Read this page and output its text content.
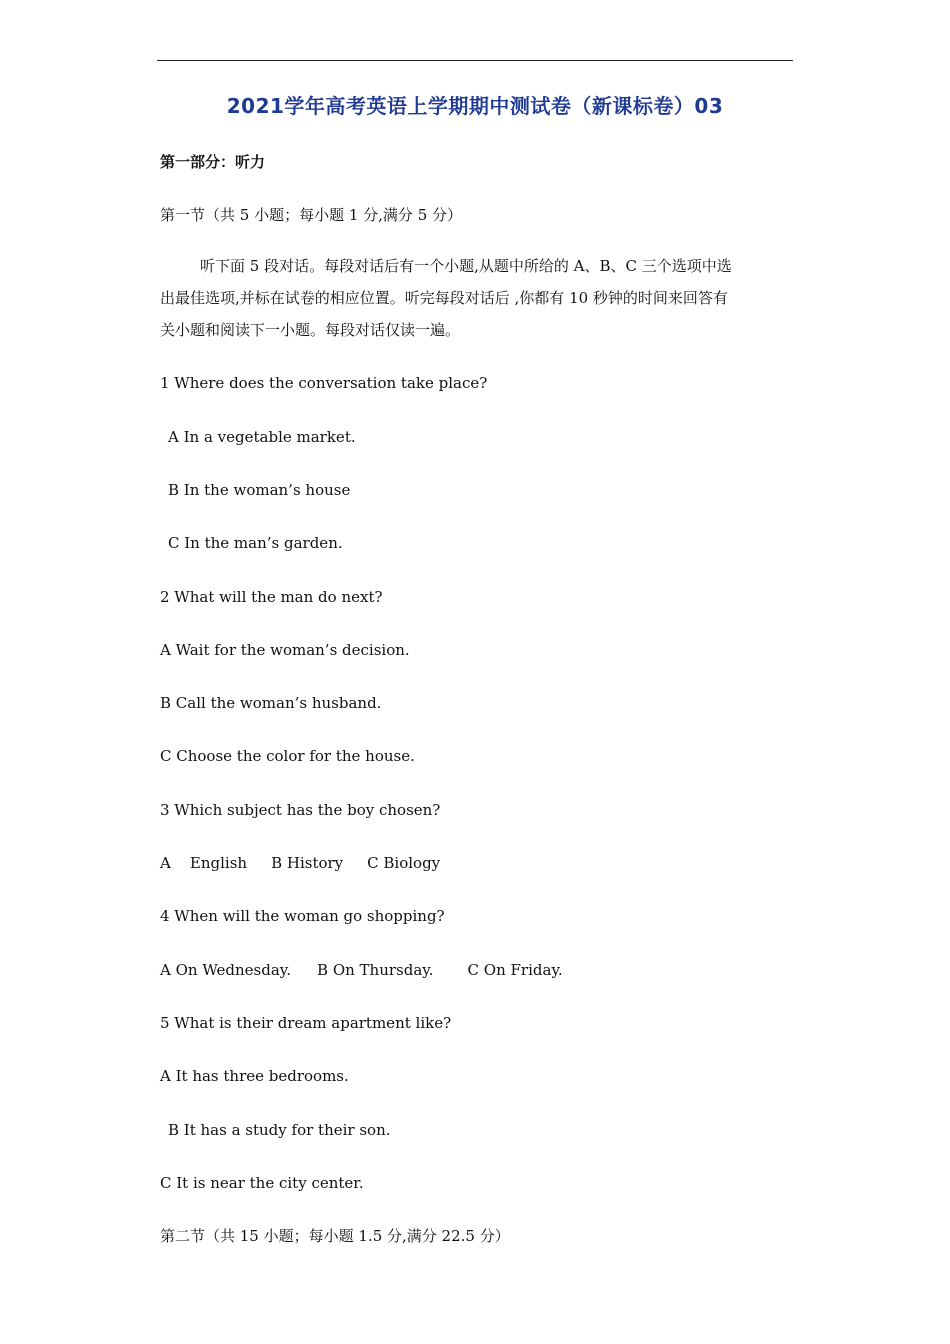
2021学年高考英语上学期期中测试卷（新课标卷）03
第一部分：听力
第一节（共 5 小题；每小题 1 分,满分 5 分）
听下面 5 段对话。每段对话后有一个小题,从题中所给的 A、B、C 三个选项中选
出最佳选项,并标在试卷的相应位置。听完每段对话后 ,你都有 10 秒钟的时间来回答有
关小题和阅读下一小题。每段对话仅读一遍。
1 Where does the conversation take place?
A In a vegetable market.
B In the woman’s house
C In the man’s garden.
2 What will the man do next?
A Wait for the woman’s decision.
B Call the woman’s husband.
C Choose the color for the house.
3 Which subject has the boy chosen?
A    English B History C Biology
4 When will the woman go shopping?
A On Wednesday. B On Thursday. C On Friday.
5 What is their dream apartment like?
A It has three bedrooms.
B It has a study for their son.
C It is near the city center.
第二节（共 15 小题；每小题 1.5 分,满分 22.5 分）
